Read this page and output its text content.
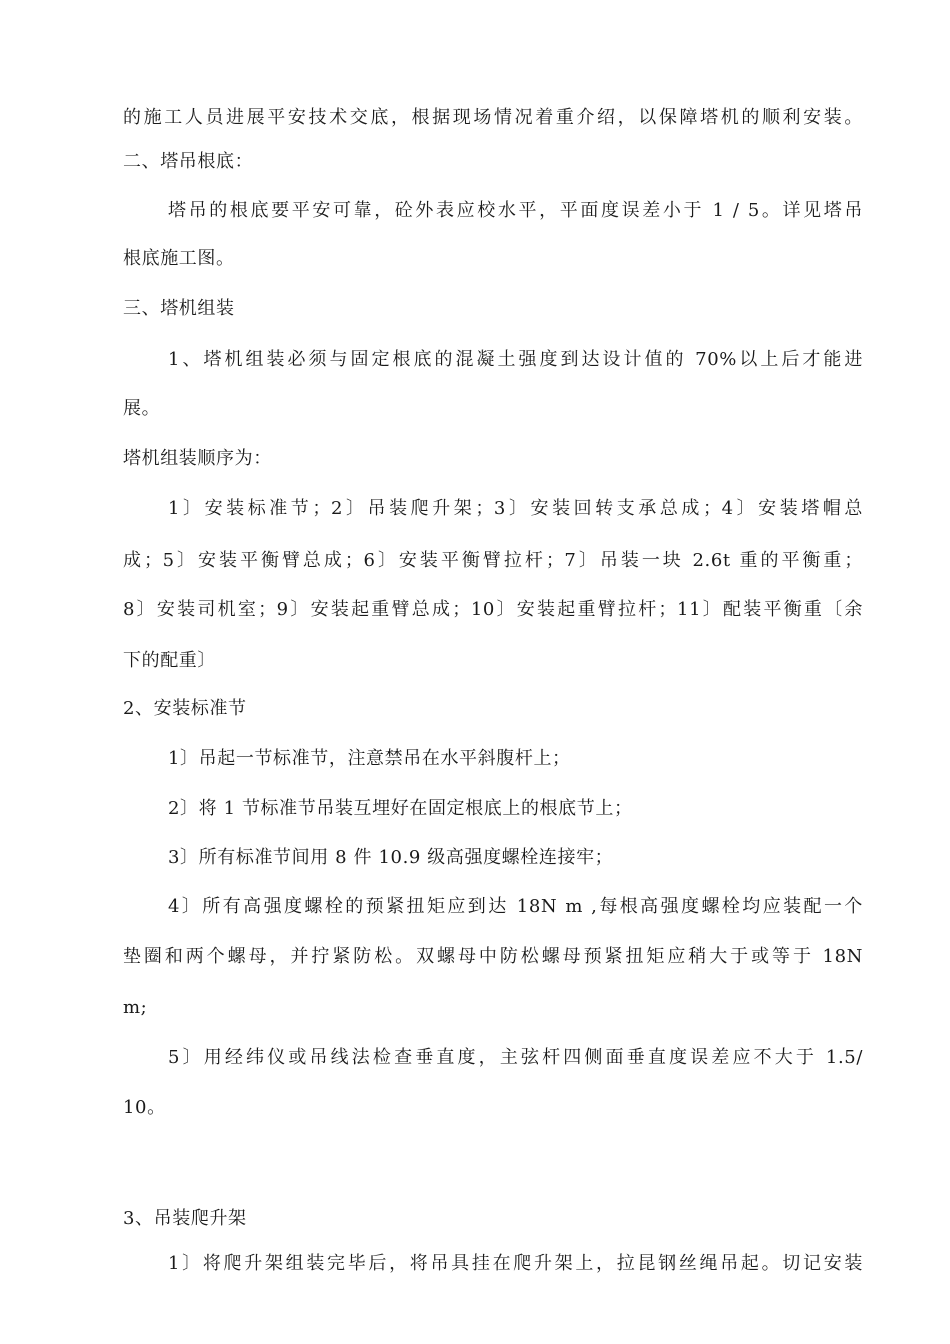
的施工人员进展平安技术交底，根据现场情况着重介绍，以保障塔机的顺利安装。
二、塔吊根底：
塔吊的根底要平安可靠，砼外表应校水平，平面度误差小于 1 / 5。详见塔吊
根底施工图。
三、塔机组装
1、塔机组装必须与固定根底的混凝土强度到达设计值的 70%以上后才能进
展。
塔机组装顺序为：
1〕安装标准节；2〕吊装爬升架；3〕安装回转支承总成；4〕安装塔帽总
成；5〕安装平衡臂总成；6〕安装平衡臂拉杆；7〕吊装一块 2.6t 重的平衡重；
8〕安装司机室；9〕安装起重臂总成；10〕安装起重臂拉杆；11〕配装平衡重〔余
下的配重〕
2、安装标准节
1〕吊起一节标准节，注意禁吊在水平斜腹杆上；
2〕将 1 节标准节吊装互埋好在固定根底上的根底节上；
3〕所有标准节间用 8 件 10.9 级高强度螺栓连接牢；
4〕所有高强度螺栓的预紧扭矩应到达 18N m ,每根高强度螺栓均应装配一个
垫圈和两个螺母，并拧紧防松。双螺母中防松螺母预紧扭矩应稍大于或等于 18N
m;
5〕用经纬仪或吊线法检查垂直度，主弦杆四侧面垂直度误差应不大于 1.5/
10。
3、吊装爬升架
1〕将爬升架组装完毕后，将吊具挂在爬升架上，拉昆钢丝绳吊起。切记安装
